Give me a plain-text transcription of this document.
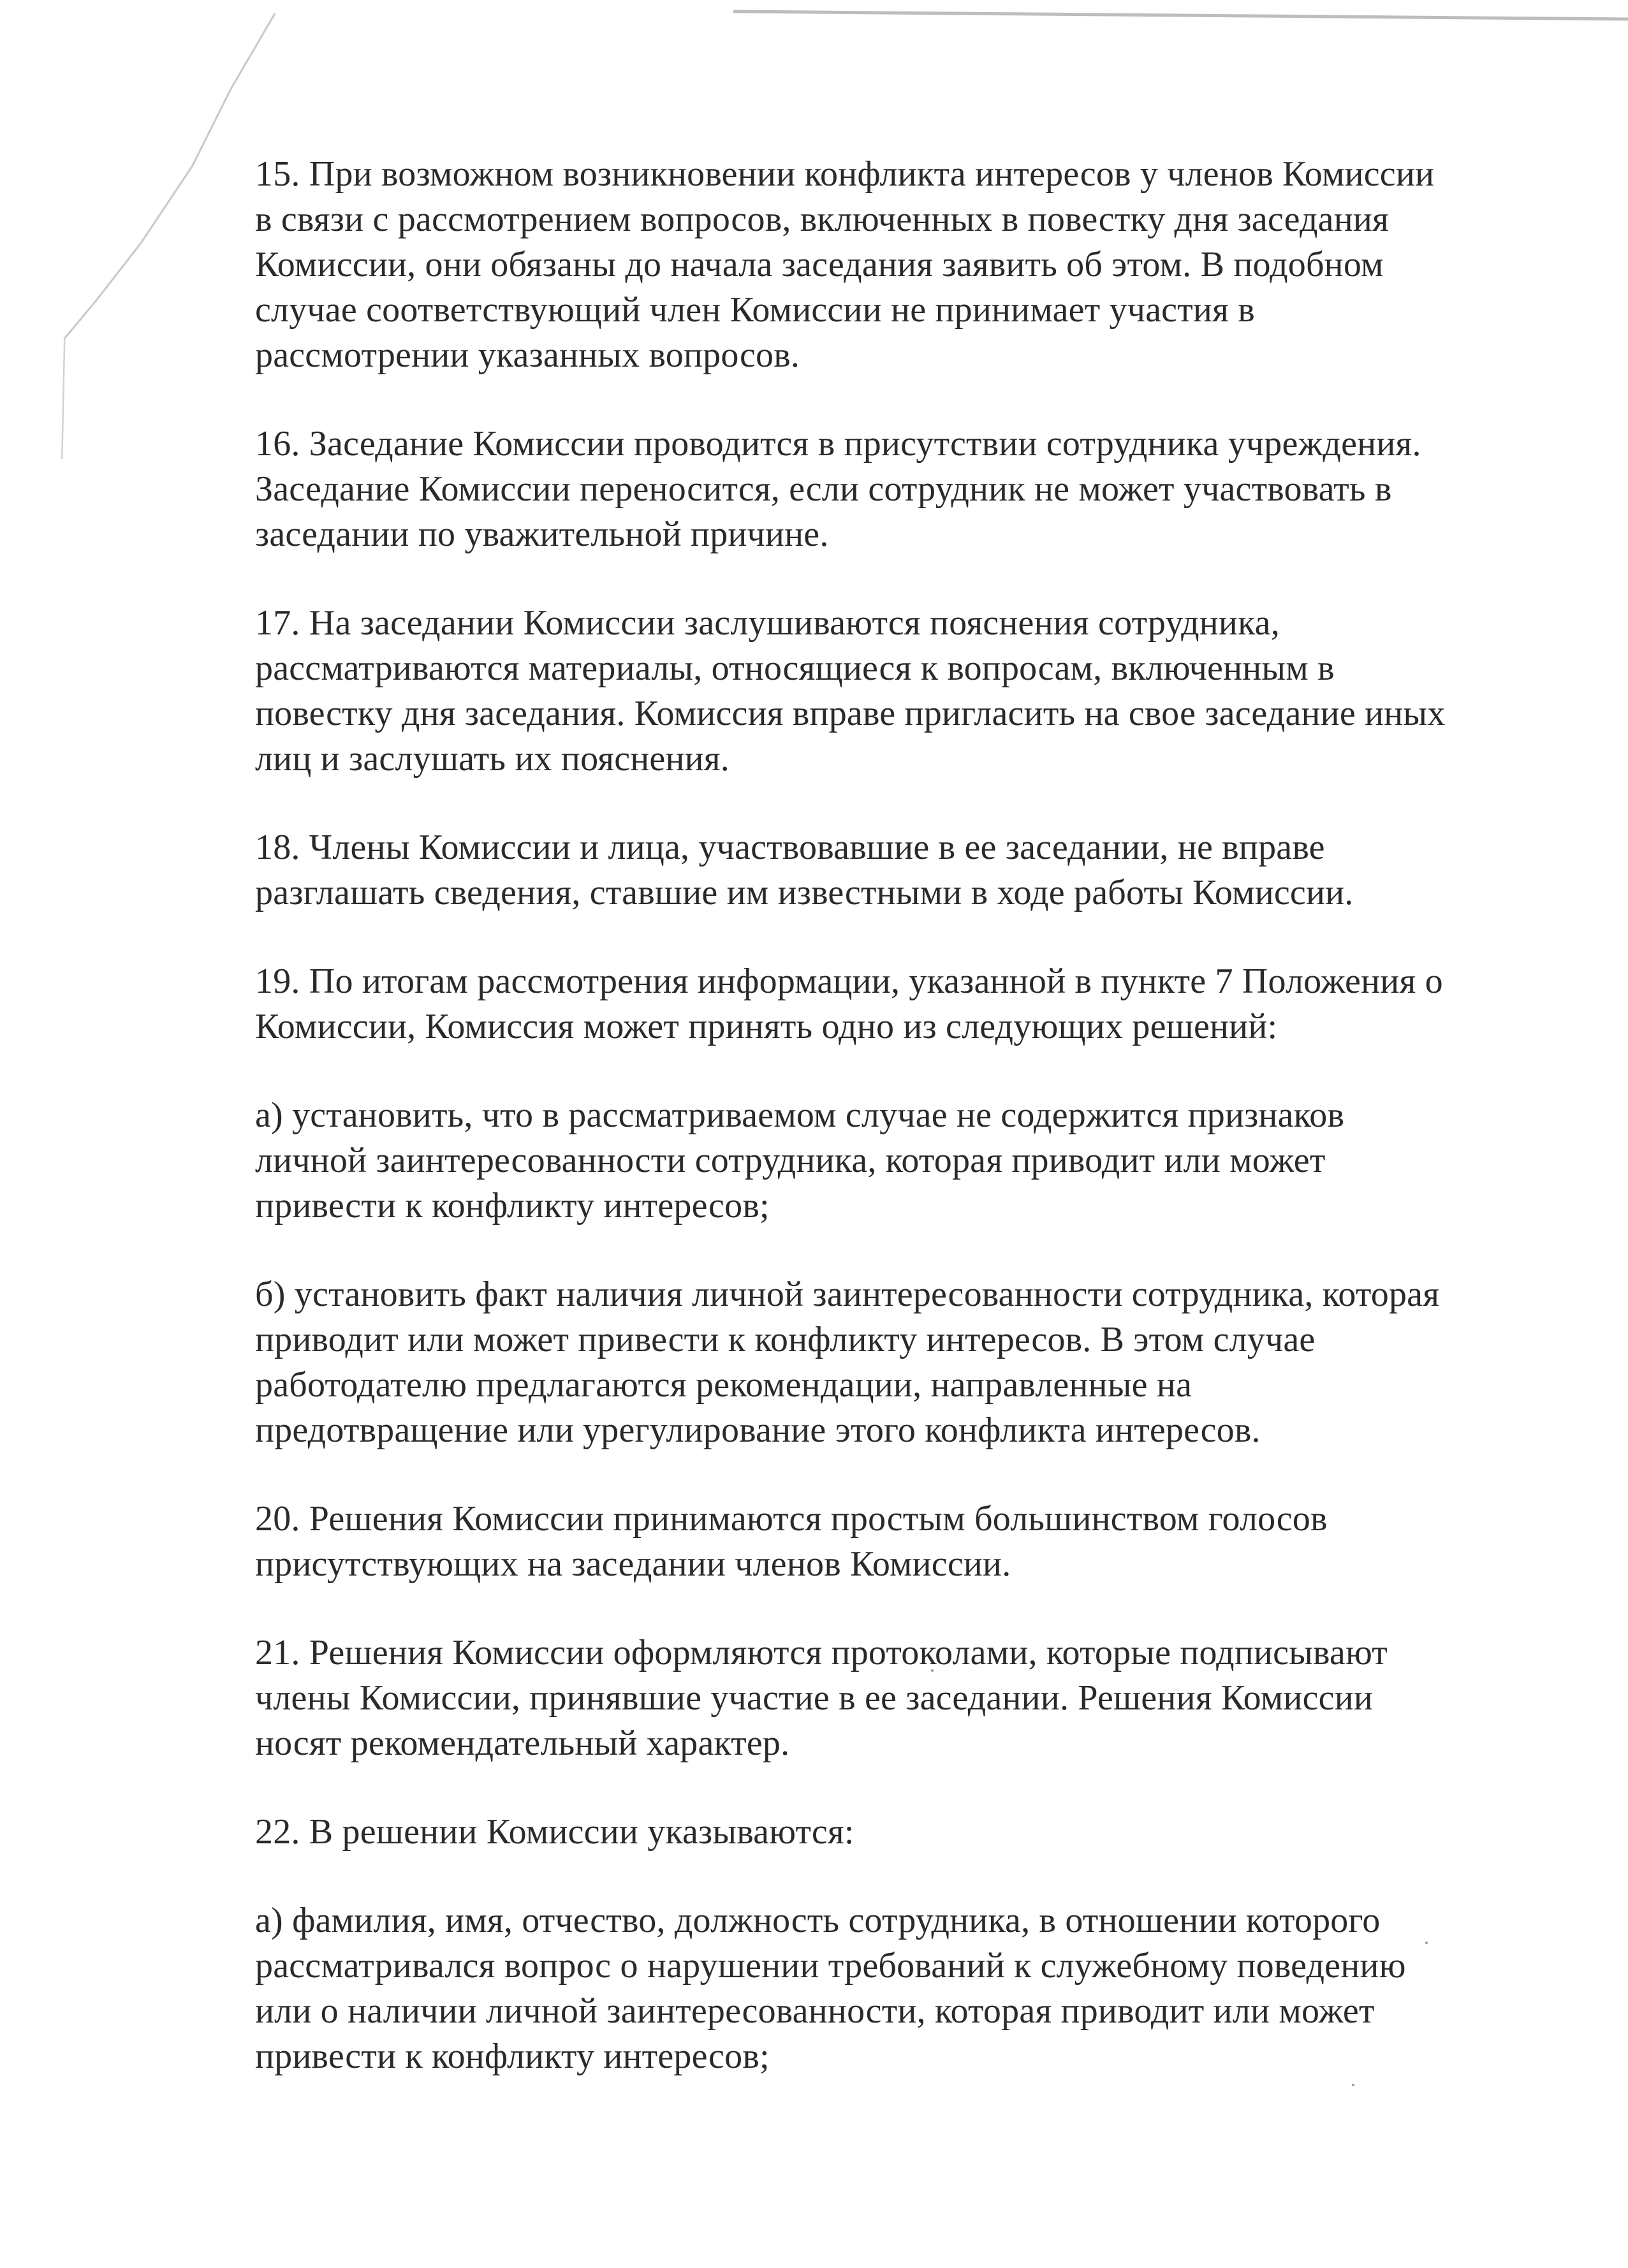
15. При возможном возникновении конфликта интересов у членов Комиссии
в связи с рассмотрением вопросов, включенных в повестку дня заседания
Комиссии, они обязаны до начала заседания заявить об этом. В подобном
случае соответствующий член Комиссии не принимает участия в
рассмотрении указанных вопросов.

16. Заседание Комиссии проводится в присутствии сотрудника учреждения.
Заседание Комиссии переносится, если сотрудник не может участвовать в
заседании по уважительной причине.

17. На заседании Комиссии заслушиваются пояснения сотрудника,
рассматриваются материалы, относящиеся к вопросам, включенным в
повестку дня заседания. Комиссия вправе пригласить на свое заседание иных
лиц и заслушать их пояснения.

18. Члены Комиссии и лица, участвовавшие в ее заседании, не вправе
разглашать сведения, ставшие им известными в ходе работы Комиссии.

19. По итогам рассмотрения информации, указанной в пункте 7 Положения о
Комиссии, Комиссия может принять одно из следующих решений:

а) установить, что в рассматриваемом случае не содержится признаков
личной заинтересованности сотрудника, которая приводит или может
привести к конфликту интересов;

б) установить факт наличия личной заинтересованности сотрудника, которая
приводит или может привести к конфликту интересов. В этом случае
работодателю предлагаются рекомендации, направленные на
предотвращение или урегулирование этого конфликта интересов.

20. Решения Комиссии принимаются простым большинством голосов
присутствующих на заседании членов Комиссии.

21. Решения Комиссии оформляются протоколами, которые подписывают
члены Комиссии, принявшие участие в ее заседании. Решения Комиссии
носят рекомендательный характер.

22. В решении Комиссии указываются:

а) фамилия, имя, отчество, должность сотрудника, в отношении которого
рассматривался вопрос о нарушении требований к служебному поведению
или о наличии личной заинтересованности, которая приводит или может
привести к конфликту интересов;
